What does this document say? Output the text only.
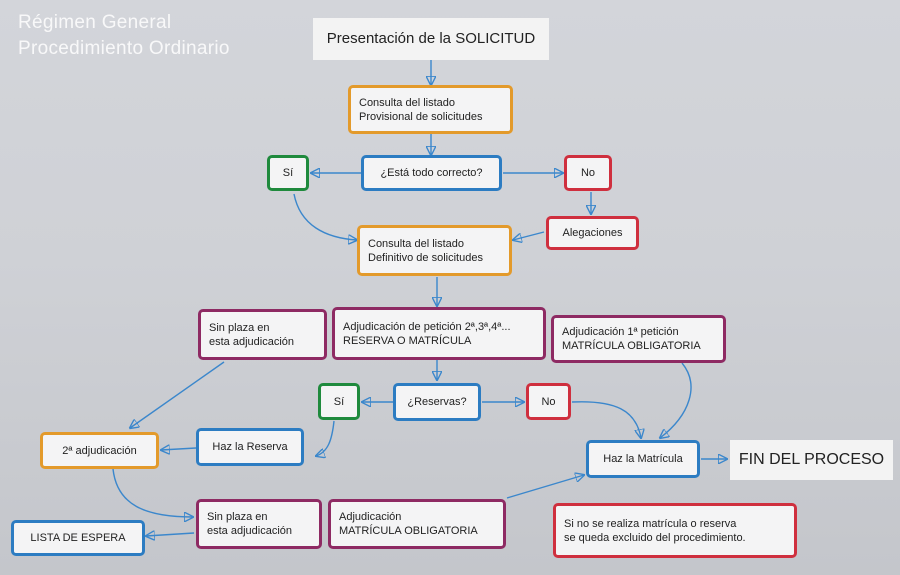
Régimen General
Procedimiento Ordinario	Presentación de la SOLICITUD
Consulta del listado
Provisional de solicitudes
Sí	¿Está todo correcto?	No
Alegaciones
Consulta del listado
Definitivo de solicitudes
Sin plaza en
esta adjudicación
Adjudicación de petición 2ª,3ª,4ª...
RESERVA O MATRÍCULA
Adjudicación 1ª petición
MATRÍCULA OBLIGATORIA
Sí	¿Reservas?	No
2ª adjudicación	Haz la Reserva
Haz la Matrícula	FIN DEL PROCESO
LISTA DE ESPERA
Sin plaza en
esta adjudicación
Adjudicación
MATRÍCULA OBLIGATORIA
Si no se realiza matrícula o reserva
se queda excluido del procedimiento.
